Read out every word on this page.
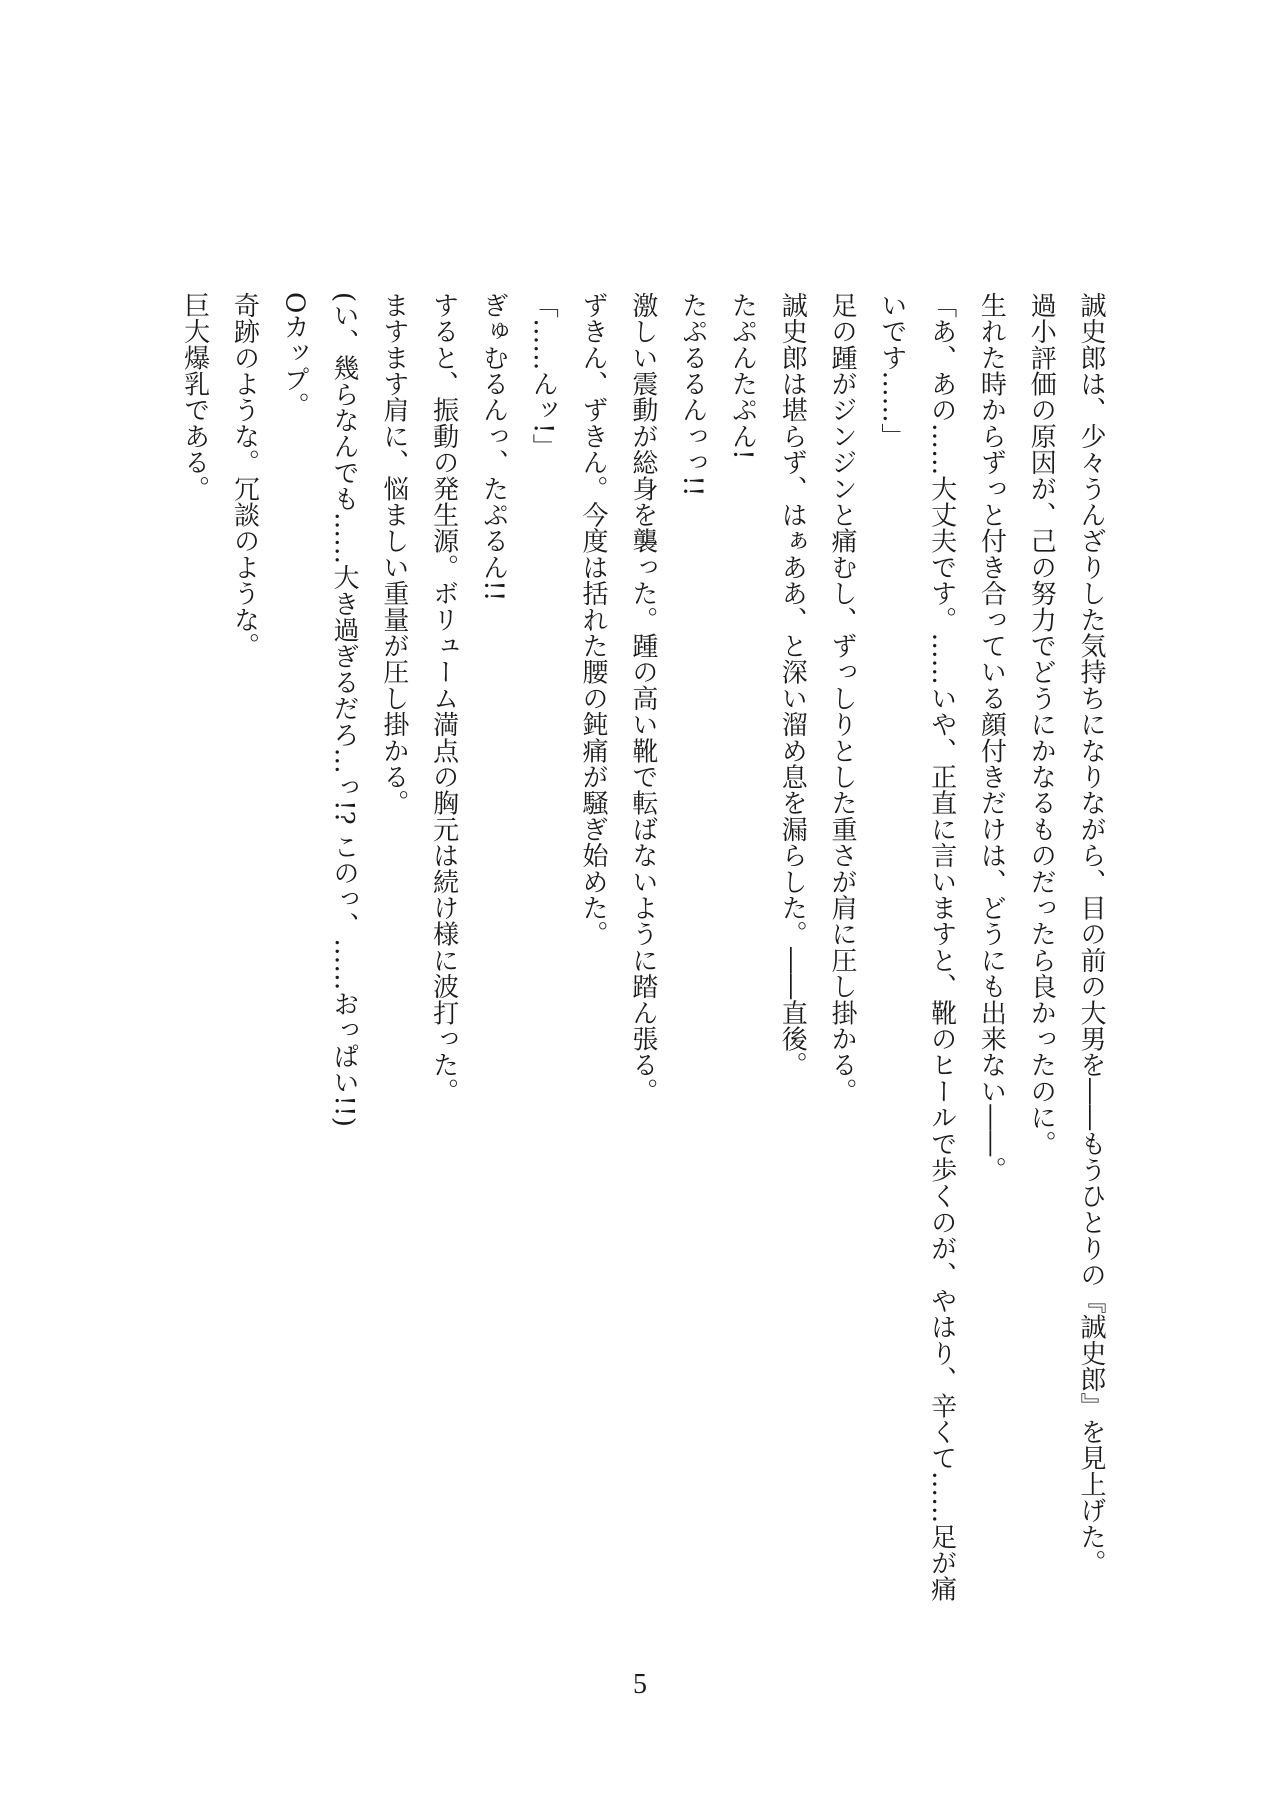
誠史郎は、少々うんざりした気持ちになりながら、目の前の大男を――もうひとりの『誠史郎』を見上げた。

過小評価の原因が、己の努力でどうにかなるものだったら良かったのに。

生れた時からずっと付き合っている顔付きだけは、どうにも出来ない――。

「あ、あの……大丈夫です。……いや、正直に言いますと、靴のヒールで歩くのが、やはり、辛くて……足が痛

いです……」

足の踵がジンジンと痛むし、ずっしりとした重さが肩に圧し掛かる。

誠史郎は堪らず、はぁああ、と深い溜め息を漏らした。――直後。

たぷんたぷん!

たぷるるんっっ!!

激しい震動が総身を襲った。踵の高い靴で転ばないように踏ん張る。

ずきん、ずきん。今度は括れた腰の鈍痛が騒ぎ始めた。

「……んッ!」

ぎゅむるんっ、たぷるん!!

すると、振動の発生源。ボリューム満点の胸元は続け様に波打った。

ますます肩に、悩ましい重量が圧し掛かる。

(い、幾らなんでも……大き過ぎるだろ…っ!? このっ、……おっぱい!!)

Oカップ。

奇跡のような。冗談のような。

巨大爆乳である。

5
